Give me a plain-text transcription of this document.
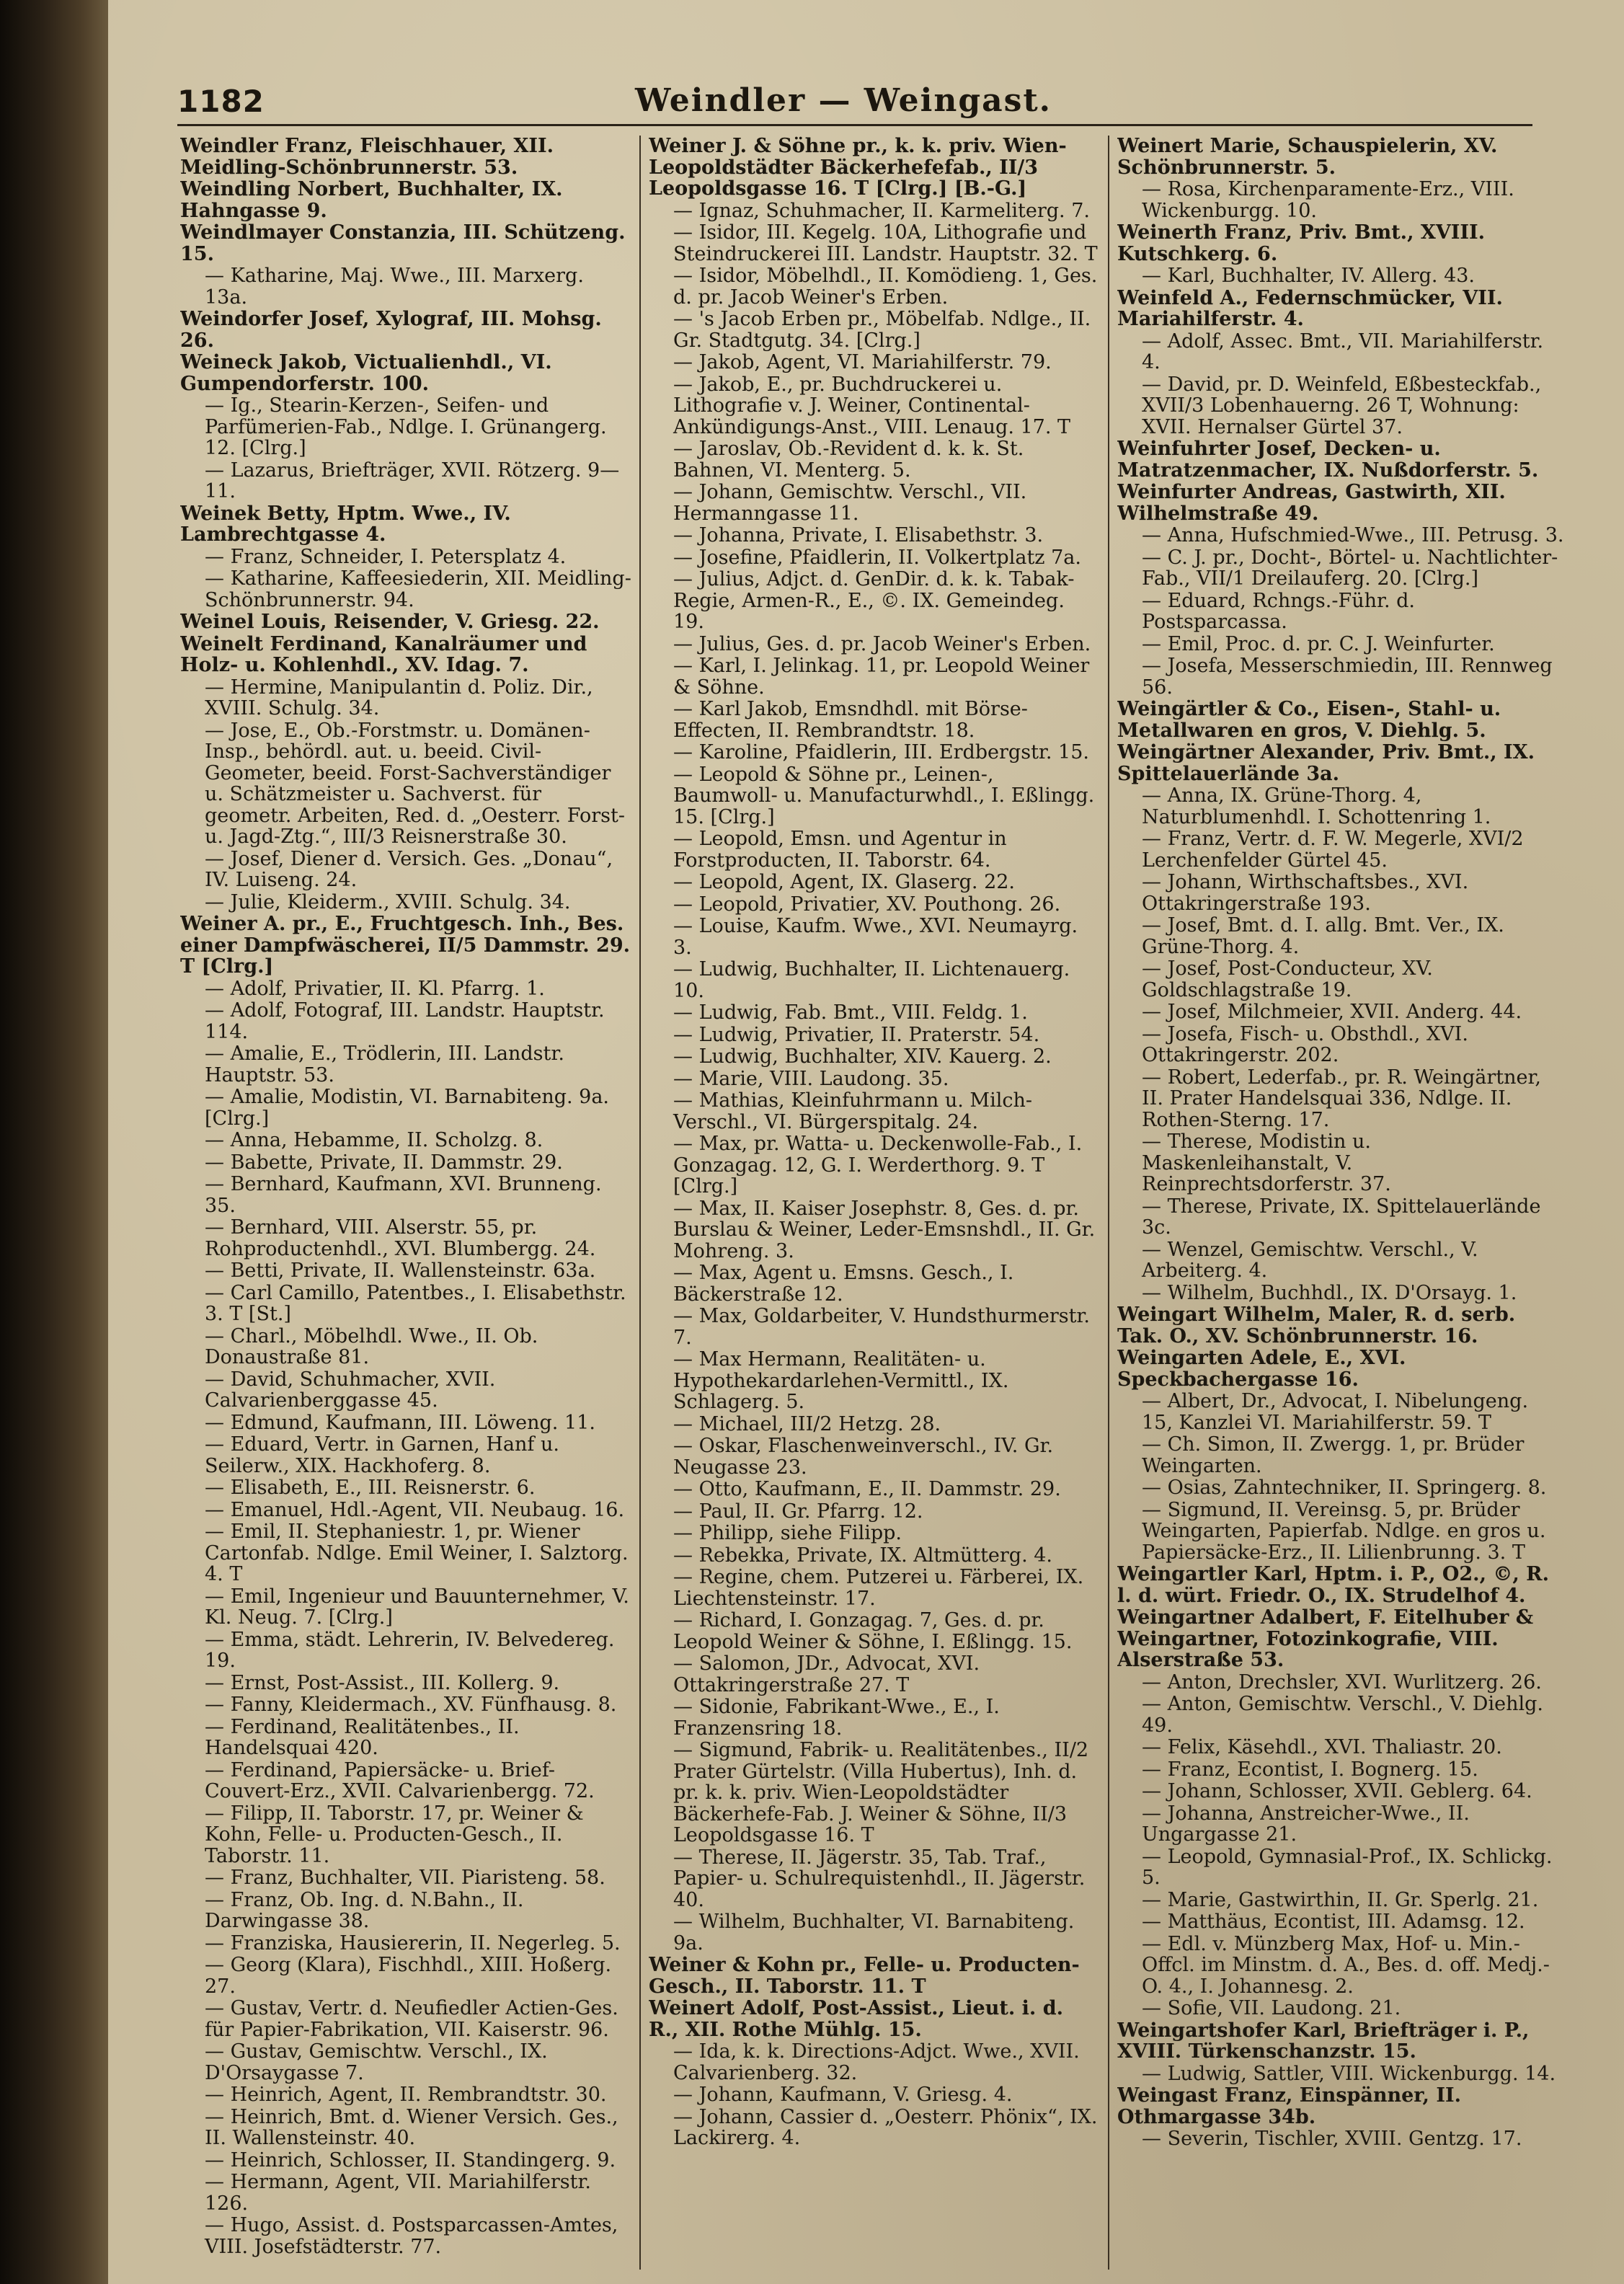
1182	Weindler — Weingast.
Weindler Franz, Fleischhauer, XII. Meidling-Schönbrunnerstr. 53.
Weindling Norbert, Buchhalter, IX. Hahngasse 9.
Weindlmayer Constanzia, III. Schützeng. 15.
— Katharine, Maj. Wwe., III. Marxerg. 13a.
Weindorfer Josef, Xylograf, III. Mohsg. 26.
Weineck Jakob, Victualienhdl., VI. Gumpendorferstr. 100.
— Ig., Stearin-Kerzen-, Seifen- und Parfümerien-Fab., Ndlge. I. Grünangerg. 12. [Clrg.]
— Lazarus, Briefträger, XVII. Rötzerg. 9—11.
Weinek Betty, Hptm. Wwe., IV. Lambrechtgasse 4.
— Franz, Schneider, I. Petersplatz 4.
— Katharine, Kaffeesiederin, XII. Meidling-Schönbrunnerstr. 94.
Weinel Louis, Reisender, V. Griesg. 22.
Weinelt Ferdinand, Kanalräumer und Holz- u. Kohlenhdl., XV. Idag. 7.
— Hermine, Manipulantin d. Poliz. Dir., XVIII. Schulg. 34.
— Jose, E., Ob.-Forstmstr. u. Domänen-Insp., behördl. aut. u. beeid. Civil-Geometer, beeid. Forst-Sachverständiger u. Schätzmeister u. Sachverst. für geometr. Arbeiten, Red. d. „Oesterr. Forst- u. Jagd-Ztg.“, III/3 Reisnerstraße 30.
— Josef, Diener d. Versich. Ges. „Donau“, IV. Luiseng. 24.
— Julie, Kleiderm., XVIII. Schulg. 34.
Weiner A. pr., E., Fruchtgesch. Inh., Bes. einer Dampfwäscherei, II/5 Dammstr. 29. T [Clrg.]
— Adolf, Privatier, II. Kl. Pfarrg. 1.
— Adolf, Fotograf, III. Landstr. Hauptstr. 114.
— Amalie, E., Trödlerin, III. Landstr. Hauptstr. 53.
— Amalie, Modistin, VI. Barnabiteng. 9a. [Clrg.]
— Anna, Hebamme, II. Scholzg. 8.
— Babette, Private, II. Dammstr. 29.
— Bernhard, Kaufmann, XVI. Brunneng. 35.
— Bernhard, VIII. Alserstr. 55, pr. Rohproductenhdl., XVI. Blumbergg. 24.
— Betti, Private, II. Wallensteinstr. 63a.
— Carl Camillo, Patentbes., I. Elisabethstr. 3. T [St.]
— Charl., Möbelhdl. Wwe., II. Ob. Donaustraße 81.
— David, Schuhmacher, XVII. Calvarienberggasse 45.
— Edmund, Kaufmann, III. Löweng. 11.
— Eduard, Vertr. in Garnen, Hanf u. Seilerw., XIX. Hackhoferg. 8.
— Elisabeth, E., III. Reisnerstr. 6.
— Emanuel, Hdl.-Agent, VII. Neubaug. 16.
— Emil, II. Stephaniestr. 1, pr. Wiener Cartonfab. Ndlge. Emil Weiner, I. Salztorg. 4. T
— Emil, Ingenieur und Bauunternehmer, V. Kl. Neug. 7. [Clrg.]
— Emma, städt. Lehrerin, IV. Belvedereg. 19.
— Ernst, Post-Assist., III. Kollerg. 9.
— Fanny, Kleidermach., XV. Fünfhausg. 8.
— Ferdinand, Realitätenbes., II. Handelsquai 420.
— Ferdinand, Papiersäcke- u. Brief-Couvert-Erz., XVII. Calvarienbergg. 72.
— Filipp, II. Taborstr. 17, pr. Weiner & Kohn, Felle- u. Producten-Gesch., II. Taborstr. 11.
— Franz, Buchhalter, VII. Piaristeng. 58.
— Franz, Ob. Ing. d. N.Bahn., II. Darwingasse 38.
— Franziska, Hausiererin, II. Negerleg. 5.
— Georg (Klara), Fischhdl., XIII. Hoßerg. 27.
— Gustav, Vertr. d. Neufiedler Actien-Ges. für Papier-Fabrikation, VII. Kaiserstr. 96.
— Gustav, Gemischtw. Verschl., IX. D'Orsaygasse 7.
— Heinrich, Agent, II. Rembrandtstr. 30.
— Heinrich, Bmt. d. Wiener Versich. Ges., II. Wallensteinstr. 40.
— Heinrich, Schlosser, II. Standingerg. 9.
— Hermann, Agent, VII. Mariahilferstr. 126.
— Hugo, Assist. d. Postsparcassen-Amtes, VIII. Josefstädterstr. 77.
Weiner J. & Söhne pr., k. k. priv. Wien-Leopoldstädter Bäckerhefefab., II/3 Leopoldsgasse 16. T [Clrg.] [B.-G.]
— Ignaz, Schuhmacher, II. Karmeliterg. 7.
— Isidor, III. Kegelg. 10A, Lithografie und Steindruckerei III. Landstr. Hauptstr. 32. T
— Isidor, Möbelhdl., II. Komödieng. 1, Ges. d. pr. Jacob Weiner's Erben.
— 's Jacob Erben pr., Möbelfab. Ndlge., II. Gr. Stadtgutg. 34. [Clrg.]
— Jakob, Agent, VI. Mariahilferstr. 79.
— Jakob, E., pr. Buchdruckerei u. Lithografie v. J. Weiner, Continental-Ankündigungs-Anst., VIII. Lenaug. 17. T
— Jaroslav, Ob.-Revident d. k. k. St. Bahnen, VI. Menterg. 5.
— Johann, Gemischtw. Verschl., VII. Hermanngasse 11.
— Johanna, Private, I. Elisabethstr. 3.
— Josefine, Pfaidlerin, II. Volkertplatz 7a.
— Julius, Adjct. d. GenDir. d. k. k. Tabak-Regie, Armen-R., E., ©. IX. Gemeindeg. 19.
— Julius, Ges. d. pr. Jacob Weiner's Erben.
— Karl, I. Jelinkag. 11, pr. Leopold Weiner & Söhne.
— Karl Jakob, Emsndhdl. mit Börse-Effecten, II. Rembrandtstr. 18.
— Karoline, Pfaidlerin, III. Erdbergstr. 15.
— Leopold & Söhne pr., Leinen-, Baumwoll- u. Manufacturwhdl., I. Eßlingg. 15. [Clrg.]
— Leopold, Emsn. und Agentur in Forstproducten, II. Taborstr. 64.
— Leopold, Agent, IX. Glaserg. 22.
— Leopold, Privatier, XV. Pouthong. 26.
— Louise, Kaufm. Wwe., XVI. Neumayrg. 3.
— Ludwig, Buchhalter, II. Lichtenauerg. 10.
— Ludwig, Fab. Bmt., VIII. Feldg. 1.
— Ludwig, Privatier, II. Praterstr. 54.
— Ludwig, Buchhalter, XIV. Kauerg. 2.
— Marie, VIII. Laudong. 35.
— Mathias, Kleinfuhrmann u. Milch-Verschl., VI. Bürgerspitalg. 24.
— Max, pr. Watta- u. Deckenwolle-Fab., I. Gonzagag. 12, G. I. Werderthorg. 9. T [Clrg.]
— Max, II. Kaiser Josephstr. 8, Ges. d. pr. Burslau & Weiner, Leder-Emsnshdl., II. Gr. Mohreng. 3.
— Max, Agent u. Emsns. Gesch., I. Bäckerstraße 12.
— Max, Goldarbeiter, V. Hundsthurmerstr. 7.
— Max Hermann, Realitäten- u. Hypothekardarlehen-Vermittl., IX. Schlagerg. 5.
— Michael, III/2 Hetzg. 28.
— Oskar, Flaschenweinverschl., IV. Gr. Neugasse 23.
— Otto, Kaufmann, E., II. Dammstr. 29.
— Paul, II. Gr. Pfarrg. 12.
— Philipp, siehe Filipp.
— Rebekka, Private, IX. Altmütterg. 4.
— Regine, chem. Putzerei u. Färberei, IX. Liechtensteinstr. 17.
— Richard, I. Gonzagag. 7, Ges. d. pr. Leopold Weiner & Söhne, I. Eßlingg. 15.
— Salomon, JDr., Advocat, XVI. Ottakringerstraße 27. T
— Sidonie, Fabrikant-Wwe., E., I. Franzensring 18.
— Sigmund, Fabrik- u. Realitätenbes., II/2 Prater Gürtelstr. (Villa Hubertus), Inh. d. pr. k. k. priv. Wien-Leopoldstädter Bäckerhefe-Fab. J. Weiner & Söhne, II/3 Leopoldsgasse 16. T
— Therese, II. Jägerstr. 35, Tab. Traf., Papier- u. Schulrequistenhdl., II. Jägerstr. 40.
— Wilhelm, Buchhalter, VI. Barnabiteng. 9a.
Weiner & Kohn pr., Felle- u. Producten-Gesch., II. Taborstr. 11. T
Weinert Adolf, Post-Assist., Lieut. i. d. R., XII. Rothe Mühlg. 15.
— Ida, k. k. Directions-Adjct. Wwe., XVII. Calvarienberg. 32.
— Johann, Kaufmann, V. Griesg. 4.
— Johann, Cassier d. „Oesterr. Phönix“, IX. Lackirerg. 4.
Weinert Marie, Schauspielerin, XV. Schönbrunnerstr. 5.
— Rosa, Kirchenparamente-Erz., VIII. Wickenburgg. 10.
Weinerth Franz, Priv. Bmt., XVIII. Kutschkerg. 6.
— Karl, Buchhalter, IV. Allerg. 43.
Weinfeld A., Federnschmücker, VII. Mariahilferstr. 4.
— Adolf, Assec. Bmt., VII. Mariahilferstr. 4.
— David, pr. D. Weinfeld, Eßbesteckfab., XVII/3 Lobenhauerng. 26 T, Wohnung: XVII. Hernalser Gürtel 37.
Weinfuhrter Josef, Decken- u. Matratzenmacher, IX. Nußdorferstr. 5.
Weinfurter Andreas, Gastwirth, XII. Wilhelmstraße 49.
— Anna, Hufschmied-Wwe., III. Petrusg. 3.
— C. J. pr., Docht-, Börtel- u. Nachtlichter-Fab., VII/1 Dreilauferg. 20. [Clrg.]
— Eduard, Rchngs.-Führ. d. Postsparcassa.
— Emil, Proc. d. pr. C. J. Weinfurter.
— Josefa, Messerschmiedin, III. Rennweg 56.
Weingärtler & Co., Eisen-, Stahl- u. Metallwaren en gros, V. Diehlg. 5.
Weingärtner Alexander, Priv. Bmt., IX. Spittelauerlände 3a.
— Anna, IX. Grüne-Thorg. 4, Naturblumenhdl. I. Schottenring 1.
— Franz, Vertr. d. F. W. Megerle, XVI/2 Lerchenfelder Gürtel 45.
— Johann, Wirthschaftsbes., XVI. Ottakringerstraße 193.
— Josef, Bmt. d. I. allg. Bmt. Ver., IX. Grüne-Thorg. 4.
— Josef, Post-Conducteur, XV. Goldschlagstraße 19.
— Josef, Milchmeier, XVII. Anderg. 44.
— Josefa, Fisch- u. Obsthdl., XVI. Ottakringerstr. 202.
— Robert, Lederfab., pr. R. Weingärtner, II. Prater Handelsquai 336, Ndlge. II. Rothen-Sterng. 17.
— Therese, Modistin u. Maskenleihanstalt, V. Reinprechtsdorferstr. 37.
— Therese, Private, IX. Spittelauerlände 3c.
— Wenzel, Gemischtw. Verschl., V. Arbeiterg. 4.
— Wilhelm, Buchhdl., IX. D'Orsayg. 1.
Weingart Wilhelm, Maler, R. d. serb. Tak. O., XV. Schönbrunnerstr. 16.
Weingarten Adele, E., XVI. Speckbachergasse 16.
— Albert, Dr., Advocat, I. Nibelungeng. 15, Kanzlei VI. Mariahilferstr. 59. T
— Ch. Simon, II. Zwergg. 1, pr. Brüder Weingarten.
— Osias, Zahntechniker, II. Springerg. 8.
— Sigmund, II. Vereinsg. 5, pr. Brüder Weingarten, Papierfab. Ndlge. en gros u. Papiersäcke-Erz., II. Lilienbrunng. 3. T
Weingartler Karl, Hptm. i. P., O2., ©, R. l. d. würt. Friedr. O., IX. Strudelhof 4.
Weingartner Adalbert, F. Eitelhuber & Weingartner, Fotozinkografie, VIII. Alserstraße 53.
— Anton, Drechsler, XVI. Wurlitzerg. 26.
— Anton, Gemischtw. Verschl., V. Diehlg. 49.
— Felix, Käsehdl., XVI. Thaliastr. 20.
— Franz, Econtist, I. Bognerg. 15.
— Johann, Schlosser, XVII. Geblerg. 64.
— Johanna, Anstreicher-Wwe., II. Ungargasse 21.
— Leopold, Gymnasial-Prof., IX. Schlickg. 5.
— Marie, Gastwirthin, II. Gr. Sperlg. 21.
— Matthäus, Econtist, III. Adamsg. 12.
— Edl. v. Münzberg Max, Hof- u. Min.-Offcl. im Minstm. d. A., Bes. d. off. Medj.-O. 4., I. Johannesg. 2.
— Sofie, VII. Laudong. 21.
Weingartshofer Karl, Briefträger i. P., XVIII. Türkenschanzstr. 15.
— Ludwig, Sattler, VIII. Wickenburgg. 14.
Weingast Franz, Einspänner, II. Othmargasse 34b.
— Severin, Tischler, XVIII. Gentzg. 17.
